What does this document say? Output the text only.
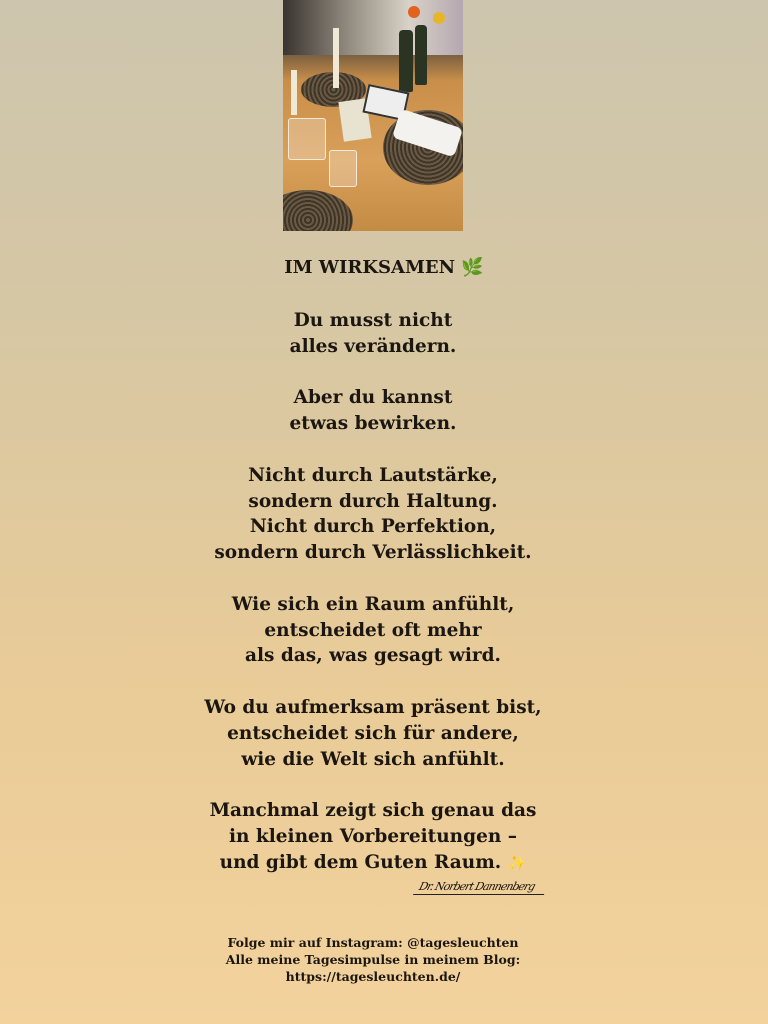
IM WIRKSAMEN 🌿
Du musst nicht
alles verändern.
Aber du kannst
etwas bewirken.
Nicht durch Lautstärke,
sondern durch Haltung.
Nicht durch Perfektion,
sondern durch Verlässlichkeit.
Wie sich ein Raum anfühlt,
entscheidet oft mehr
als das, was gesagt wird.
Wo du aufmerksam präsent bist,
entscheidet sich für andere,
wie die Welt sich anfühlt.
Manchmal zeigt sich genau das
in kleinen Vorbereitungen –
und gibt dem Guten Raum. ✨
Dr. Norbert Dannenberg
Folge mir auf Instagram: @tagesleuchten
Alle meine Tagesimpulse in meinem Blog:
https://tagesleuchten.de/
